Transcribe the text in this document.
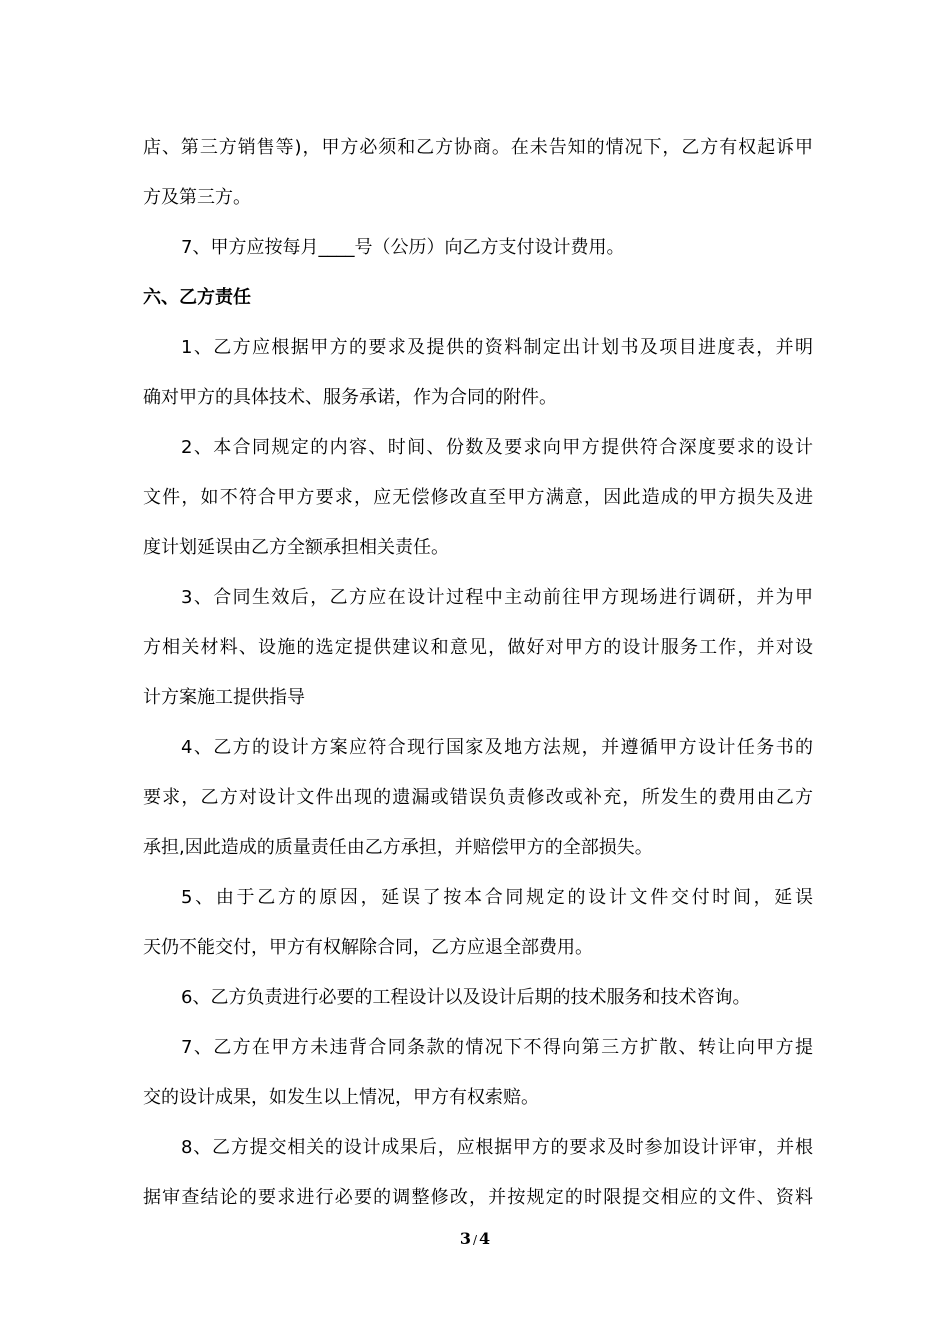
店、第三方销售等)，甲方必须和乙方协商。在未告知的情况下，乙方有权起诉甲
方及第三方。
7、甲方应按每月____号（公历）向乙方支付设计费用。
六、乙方责任
1、乙方应根据甲方的要求及提供的资料制定出计划书及项目进度表，并明
确对甲方的具体技术、服务承诺，作为合同的附件。
2、本合同规定的内容、时间、份数及要求向甲方提供符合深度要求的设计
文件，如不符合甲方要求，应无偿修改直至甲方满意，因此造成的甲方损失及进
度计划延误由乙方全额承担相关责任。
3、合同生效后，乙方应在设计过程中主动前往甲方现场进行调研，并为甲
方相关材料、设施的选定提供建议和意见，做好对甲方的设计服务工作，并对设
计方案施工提供指导
4、乙方的设计方案应符合现行国家及地方法规，并遵循甲方设计任务书的
要求，乙方对设计文件出现的遗漏或错误负责修改或补充，所发生的费用由乙方
承担,因此造成的质量责任由乙方承担，并赔偿甲方的全部损失。
5、由于乙方的原因，延误了按本合同规定的设计文件交付时间，延误
天仍不能交付，甲方有权解除合同，乙方应退全部费用。
6、乙方负责进行必要的工程设计以及设计后期的技术服务和技术咨询。
7、乙方在甲方未违背合同条款的情况下不得向第三方扩散、转让向甲方提
交的设计成果，如发生以上情况，甲方有权索赔。
8、乙方提交相关的设计成果后，应根据甲方的要求及时参加设计评审，并根
据审查结论的要求进行必要的调整修改，并按规定的时限提交相应的文件、资料
3 / 4
